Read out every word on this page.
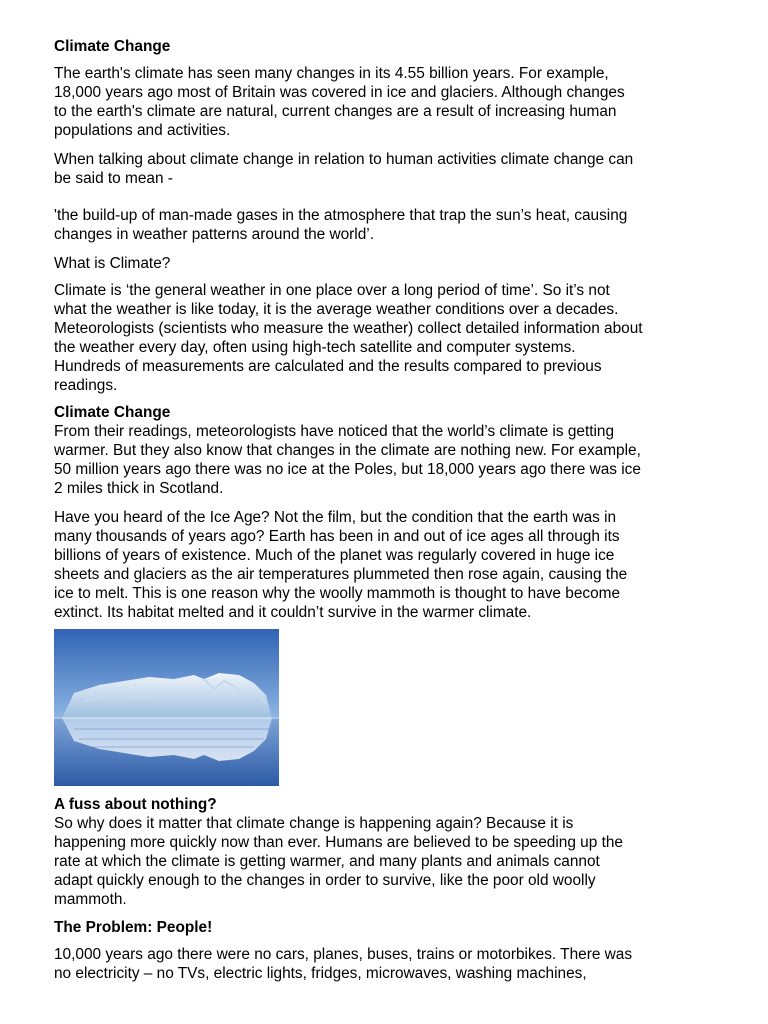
Climate Change

The earth's climate has seen many changes in its 4.55 billion years. For example,
18,000 years ago most of Britain was covered in ice and glaciers. Although changes
to the earth's climate are natural, current changes are a result of increasing human
populations and activities.

When talking about climate change in relation to human activities climate change can
be said to mean -

'the build-up of man-made gases in the atmosphere that trap the sun’s heat, causing
changes in weather patterns around the world’.

What is Climate?

Climate is ‘the general weather in one place over a long period of time’. So it’s not
what the weather is like today, it is the average weather conditions over a decades.
Meteorologists (scientists who measure the weather) collect detailed information about
the weather every day, often using high-tech satellite and computer systems.
Hundreds of measurements are calculated and the results compared to previous
readings.

Climate Change

From their readings, meteorologists have noticed that the world’s climate is getting
warmer. But they also know that changes in the climate are nothing new. For example,
50 million years ago there was no ice at the Poles, but 18,000 years ago there was ice
2 miles thick in Scotland.

Have you heard of the Ice Age? Not the film, but the condition that the earth was in
many thousands of years ago? Earth has been in and out of ice ages all through its
billions of years of existence. Much of the planet was regularly covered in huge ice
sheets and glaciers as the air temperatures plummeted then rose again, causing the
ice to melt. This is one reason why the woolly mammoth is thought to have become
extinct. Its habitat melted and it couldn’t survive in the warmer climate.

A fuss about nothing?

So why does it matter that climate change is happening again? Because it is
happening more quickly now than ever. Humans are believed to be speeding up the
rate at which the climate is getting warmer, and many plants and animals cannot
adapt quickly enough to the changes in order to survive, like the poor old woolly
mammoth.

The Problem: People!

10,000 years ago there were no cars, planes, buses, trains or motorbikes. There was
no electricity – no TVs, electric lights, fridges, microwaves, washing machines,
